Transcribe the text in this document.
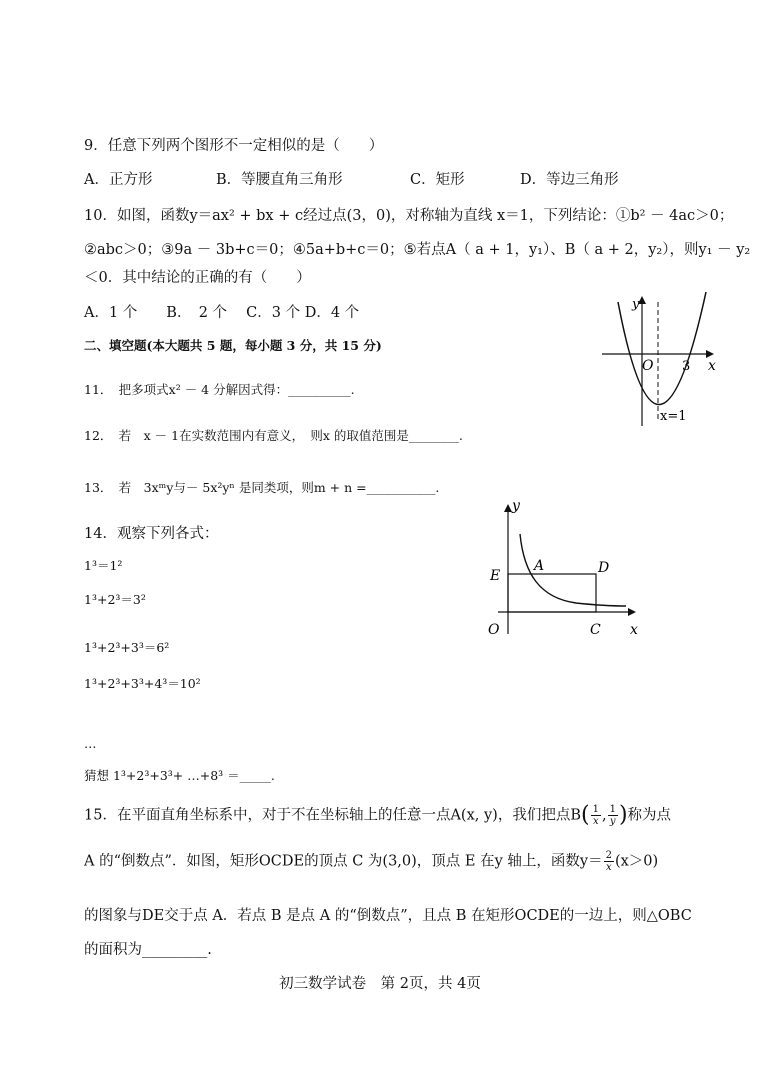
9．任意下列两个图形不一定相似的是（　　）
A．正方形	B．等腰直角三角形	C．矩形	D．等边三角形
10．如图，函数y＝ax² + bx + c经过点(3，0)，对称轴为直线 x＝1，下列结论：①b² － 4ac＞0；
②abc＞0；③9a － 3b+c＝0；④5a+b+c＝0；⑤若点A（ a + 1，y₁）、B（ a + 2，y₂），则y₁ － y₂
＜0．其中结论的正确的有（　　）
A．1 个　　B．　2 个　 C．3 个 D．4 个
二、填空题(本大题共 5 题，每小题 3 分，共 15 分)
11．　把多项式x² － 4 分解因式得：__________.
12．　若　x － 1在实数范围内有意义，　则x 的取值范围是________.
13．　若　3xᵐy与－ 5x²yⁿ 是同类项，则m + n =___________.
14．观察下列各式：
1³＝1²
1³+2³＝3²
1³+2³+3³＝6²
1³+2³+3³+4³＝10²
…
猜想 1³+2³+3³+ …+8³ ＝_____.
15．在平面直角坐标系中，对于不在坐标轴上的任意一点A(x, y)，我们把点$B( \frac{1}{x}$ , $\frac{1}{y}$ )称为点
A 的“倒数点”．如图，矩形OCDE的顶点 C 为(3,0)，顶点 E 在y 轴上，函数$y= \frac{2}{x} (x>0)$
的图象与DE交于点 A．若点 B 是点 A 的“倒数点”，且点 B 在矩形OCDE的一边上，则△OBC
的面积为_________.
y
x
O 3
x=1
y
x
O
E
A	D
C
初三数学试卷　第 2页，共 4页
